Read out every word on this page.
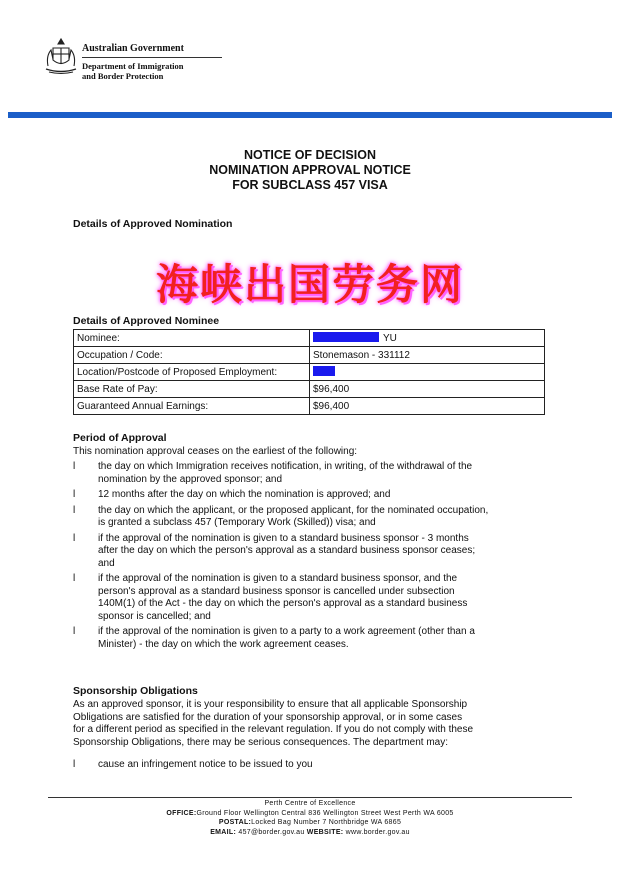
Australian Government
Department of Immigration
and Border Protection
NOTICE OF DECISION
NOMINATION APPROVAL NOTICE
FOR SUBCLASS 457 VISA
Details of Approved Nomination
海峡出国劳务网
Details of Approved Nominee
Nominee:	YU
Occupation / Code:	Stonemason - 331112
Location/Postcode of Proposed Employment:	
Base Rate of Pay:	$96,400
Guaranteed Annual Earnings:	$96,400
Period of Approval
This nomination approval ceases on the earliest of the following:
l the day on which Immigration receives notification, in writing, of the withdrawal of the
nomination by the approved sponsor; and
l 12 months after the day on which the nomination is approved; and
l the day on which the applicant, or the proposed applicant, for the nominated occupation,
is granted a subclass 457 (Temporary Work (Skilled)) visa; and
l if the approval of the nomination is given to a standard business sponsor - 3 months
after the day on which the person's approval as a standard business sponsor ceases;
and
l if the approval of the nomination is given to a standard business sponsor, and the
person's approval as a standard business sponsor is cancelled under subsection
140M(1) of the Act - the day on which the person's approval as a standard business
sponsor is cancelled; and
l if the approval of the nomination is given to a party to a work agreement (other than a
Minister) - the day on which the work agreement ceases.
Sponsorship Obligations
As an approved sponsor, it is your responsibility to ensure that all applicable Sponsorship
Obligations are satisfied for the duration of your sponsorship approval, or in some cases
for a different period as specified in the relevant regulation. If you do not comply with these
Sponsorship Obligations, there may be serious consequences. The department may:
l cause an infringement notice to be issued to you
Perth Centre of Excellence
OFFICE:Ground Floor Wellington Central 836 Wellington Street West Perth WA 6005
POSTAL:Locked Bag Number 7 Northbridge WA 6865
EMAIL: 457@border.gov.au WEBSITE: www.border.gov.au
